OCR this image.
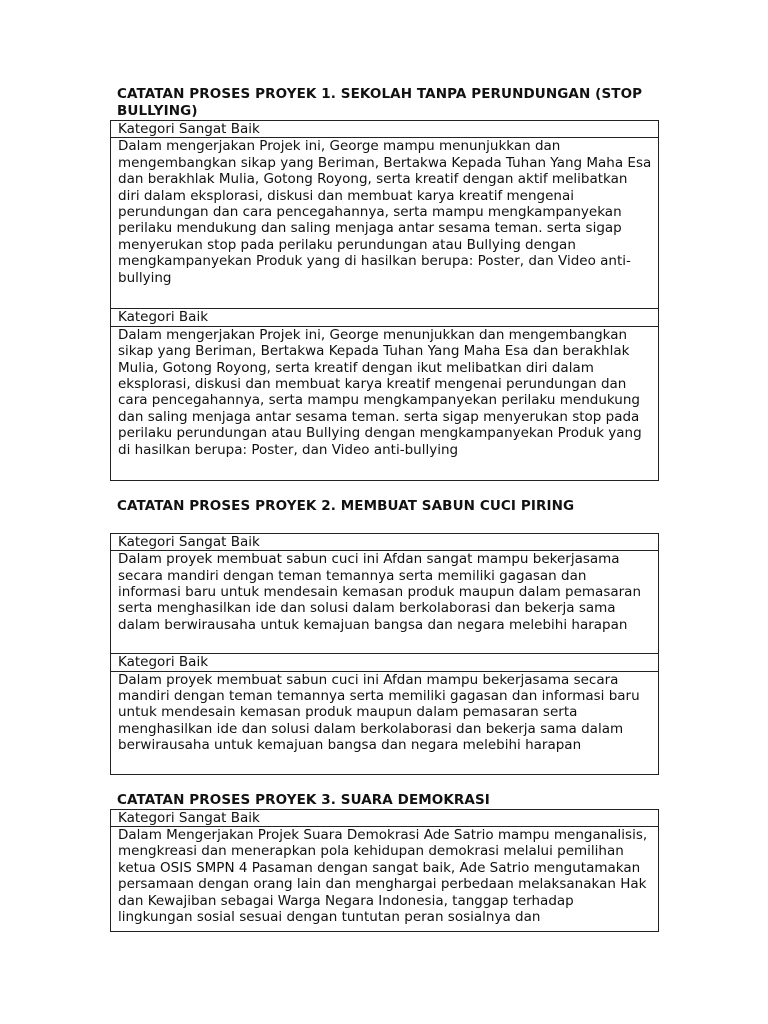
CATATAN PROSES PROYEK 1. SEKOLAH TANPA PERUNDUNGAN (STOP BULLYING)
Kategori Sangat Baik
Dalam mengerjakan Projek ini, George mampu menunjukkan dan mengembangkan sikap yang Beriman, Bertakwa Kepada Tuhan Yang Maha Esa dan berakhlak Mulia, Gotong Royong, serta kreatif dengan aktif melibatkan diri dalam eksplorasi, diskusi dan membuat karya kreatif mengenai perundungan dan cara pencegahannya, serta mampu mengkampanyekan perilaku mendukung dan saling menjaga antar sesama teman. serta sigap menyerukan stop pada perilaku perundungan atau Bullying dengan mengkampanyekan Produk yang di hasilkan berupa: Poster, dan Video anti-bullying
Kategori Baik
Dalam mengerjakan Projek ini, George menunjukkan dan mengembangkan sikap yang Beriman, Bertakwa Kepada Tuhan Yang Maha Esa dan berakhlak Mulia, Gotong Royong, serta kreatif dengan ikut melibatkan diri dalam eksplorasi, diskusi dan membuat karya kreatif mengenai perundungan dan cara pencegahannya, serta mampu mengkampanyekan perilaku mendukung dan saling menjaga antar sesama teman. serta sigap menyerukan stop pada perilaku perundungan atau Bullying dengan mengkampanyekan Produk yang di hasilkan berupa: Poster, dan Video anti-bullying
CATATAN PROSES PROYEK 2. MEMBUAT SABUN CUCI PIRING
Kategori Sangat Baik
Dalam proyek membuat sabun cuci ini Afdan sangat mampu bekerjasama secara mandiri dengan teman temannya serta memiliki gagasan dan informasi baru untuk mendesain kemasan produk maupun dalam pemasaran serta menghasilkan ide dan solusi dalam berkolaborasi dan bekerja sama dalam berwirausaha untuk kemajuan bangsa dan negara melebihi harapan
Kategori Baik
Dalam proyek membuat sabun cuci ini Afdan mampu bekerjasama secara mandiri dengan teman temannya serta memiliki gagasan dan informasi baru untuk mendesain kemasan produk maupun dalam pemasaran serta menghasilkan ide dan solusi dalam berkolaborasi dan bekerja sama dalam berwirausaha untuk kemajuan bangsa dan negara melebihi harapan
CATATAN PROSES PROYEK 3. SUARA DEMOKRASI
Kategori Sangat Baik
Dalam Mengerjakan Projek Suara Demokrasi Ade Satrio mampu menganalisis, mengkreasi dan menerapkan pola kehidupan demokrasi melalui pemilihan ketua OSIS SMPN 4 Pasaman dengan sangat baik, Ade Satrio mengutamakan persamaan dengan orang lain dan menghargai perbedaan melaksanakan Hak dan Kewajiban sebagai Warga Negara Indonesia, tanggap terhadap lingkungan sosial sesuai dengan tuntutan peran sosialnya dan
